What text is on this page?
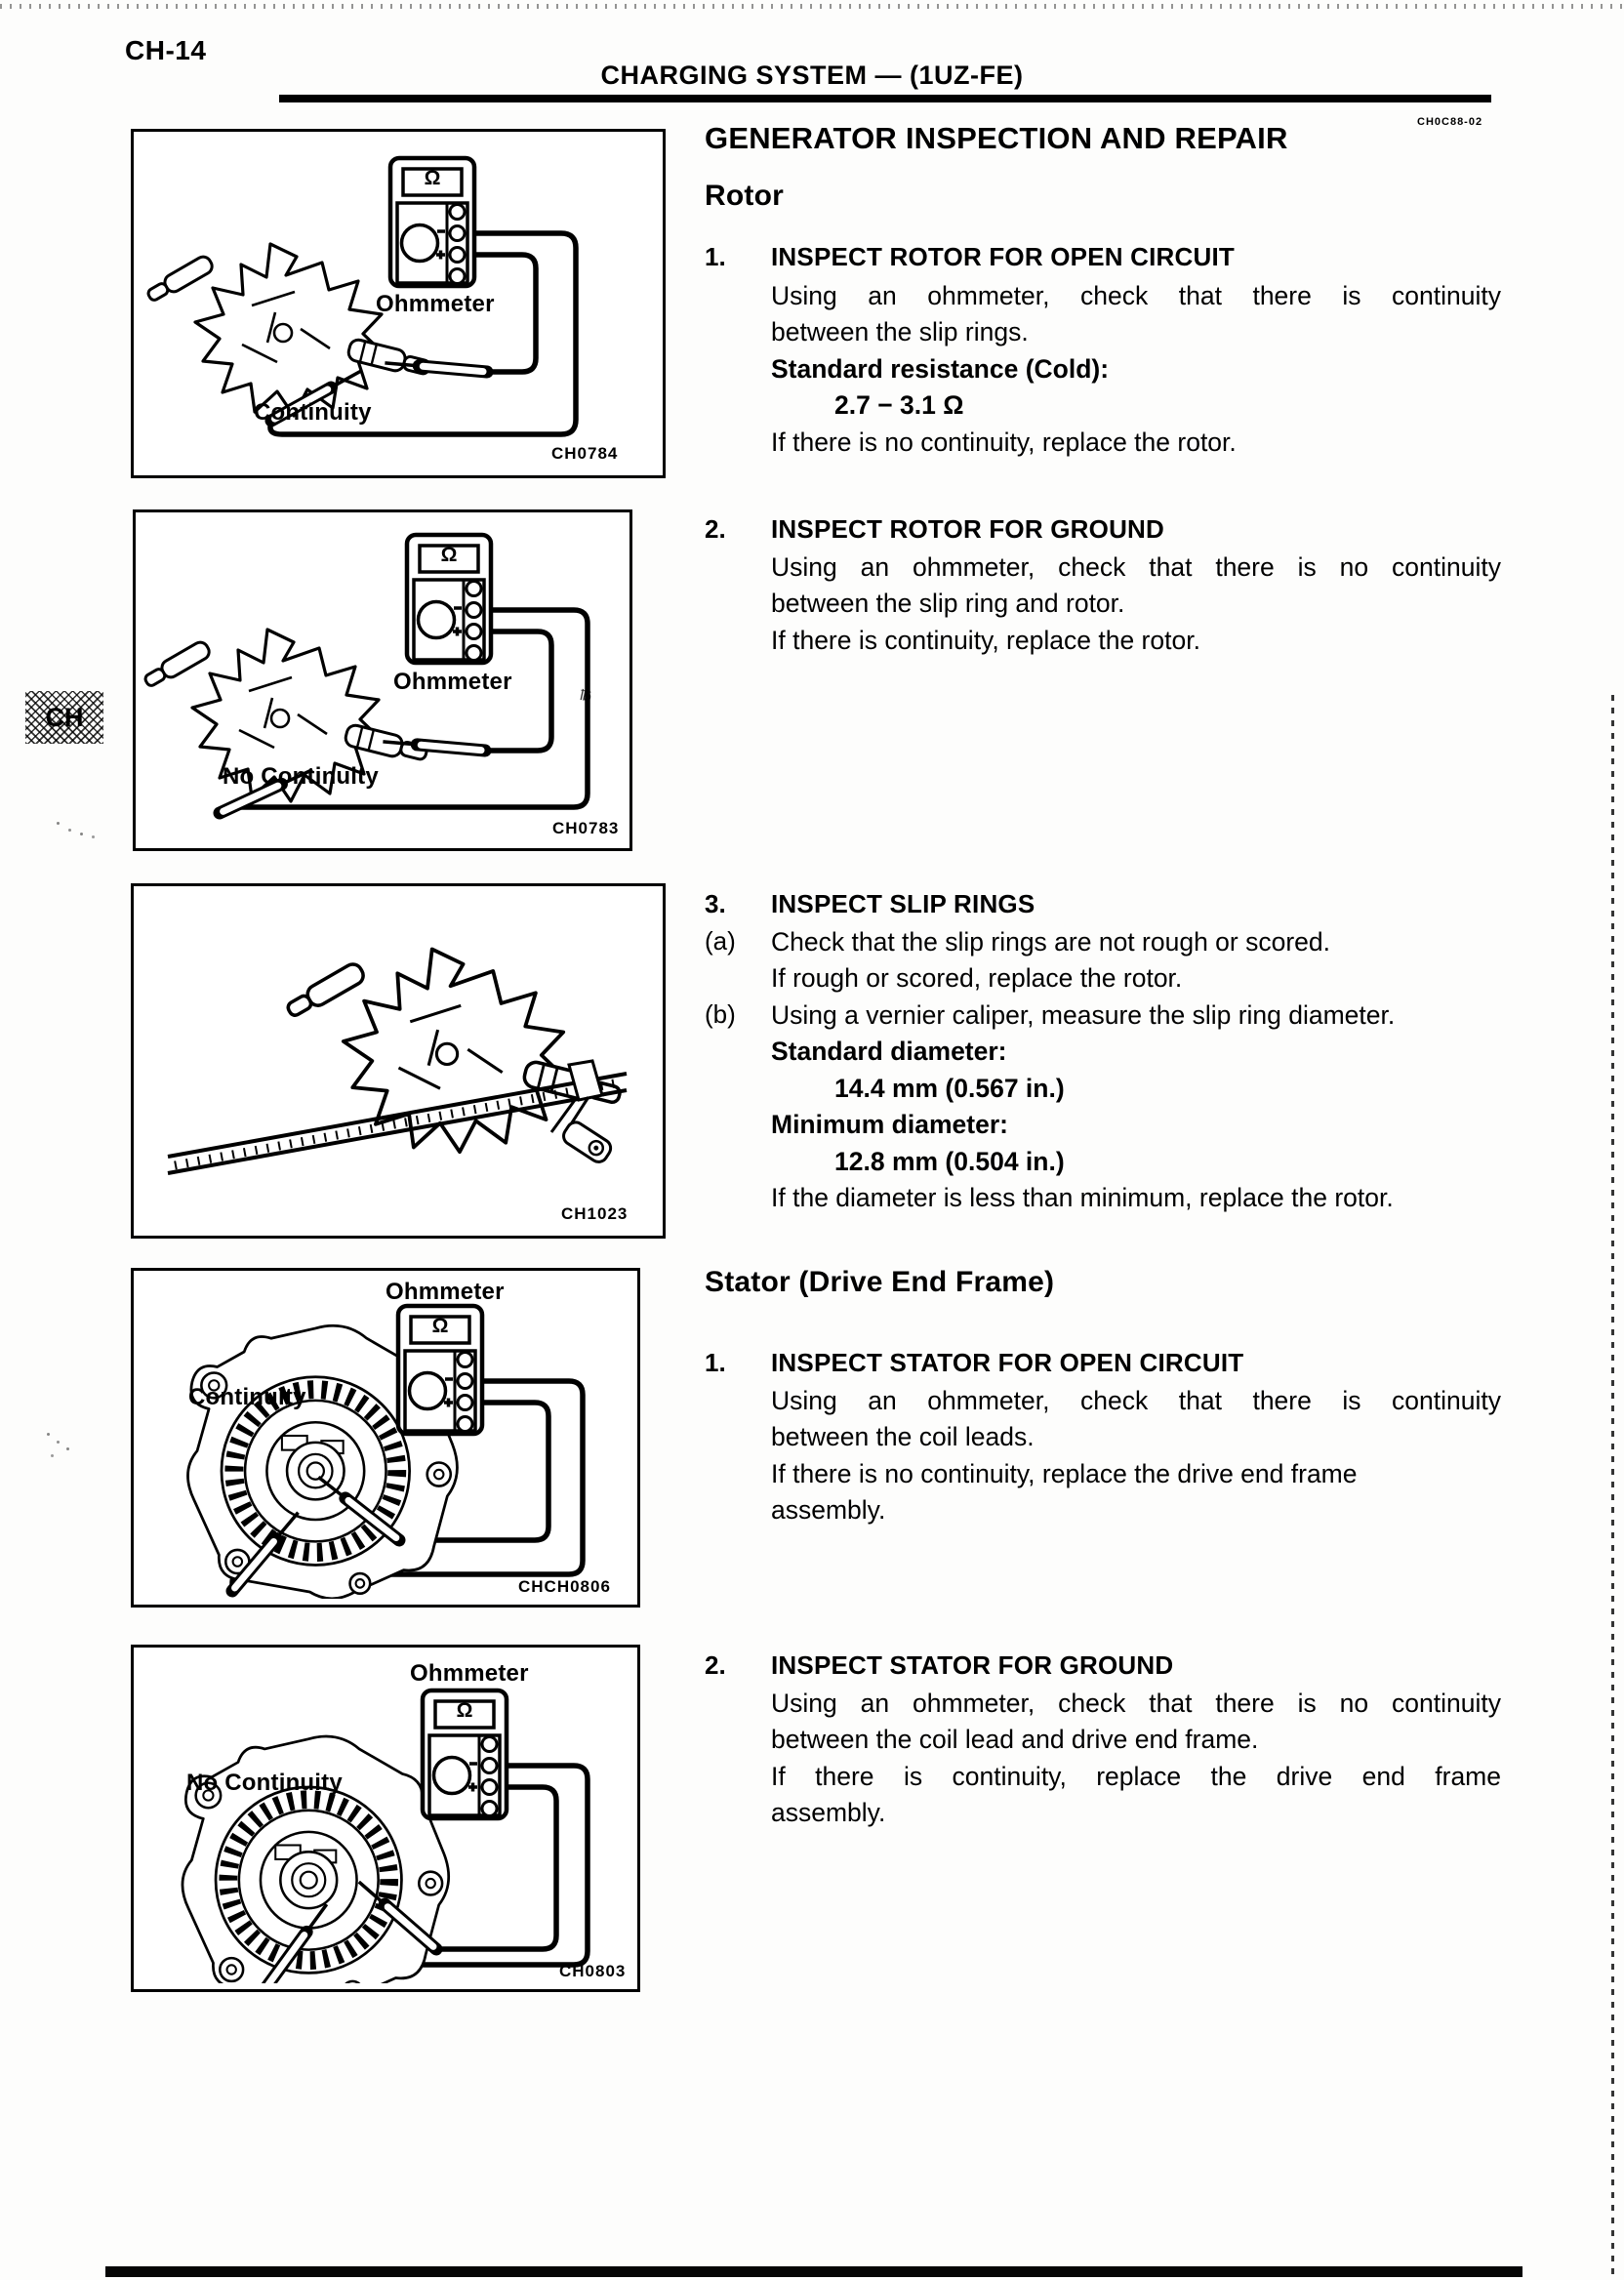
CH-14
CHARGING SYSTEM — (1UZ-FE)
CH
Ω
Ohmmeter
Continuity
CH0784
Ω
Ohmmeter
No Continuity
CH0783
℔
CH1023
Ω
Ohmmeter
Continuity
CHCH0806
Ω
Ohmmeter
No Continuity
CH0803
GENERATOR INSPECTION AND REPAIR	CH0C88-02
Rotor
1. INSPECT ROTOR FOR OPEN CIRCUIT
Using an ohmmeter, check that there is continuity
between the slip rings.
Standard resistance (Cold):
2.7 − 3.1 Ω
If there is no continuity, replace the rotor.
2. INSPECT ROTOR FOR GROUND
Using an ohmmeter, check that there is no continuity
between the slip ring and rotor.
If there is continuity, replace the rotor.
3. INSPECT SLIP RINGS
(a) Check that the slip rings are not rough or scored.
If rough or scored, replace the rotor.
(b) Using a vernier caliper, measure the slip ring diameter.
Standard diameter:
14.4 mm (0.567 in.)
Minimum diameter:
12.8 mm (0.504 in.)
If the diameter is less than minimum, replace the rotor.
Stator (Drive End Frame)
1. INSPECT STATOR FOR OPEN CIRCUIT
Using an ohmmeter, check that there is continuity
between the coil leads.
If there is no continuity, replace the drive end frame
assembly.
2. INSPECT STATOR FOR GROUND
Using an ohmmeter, check that there is no continuity
between the coil lead and drive end frame.
If there is continuity, replace the drive end frame
assembly.
